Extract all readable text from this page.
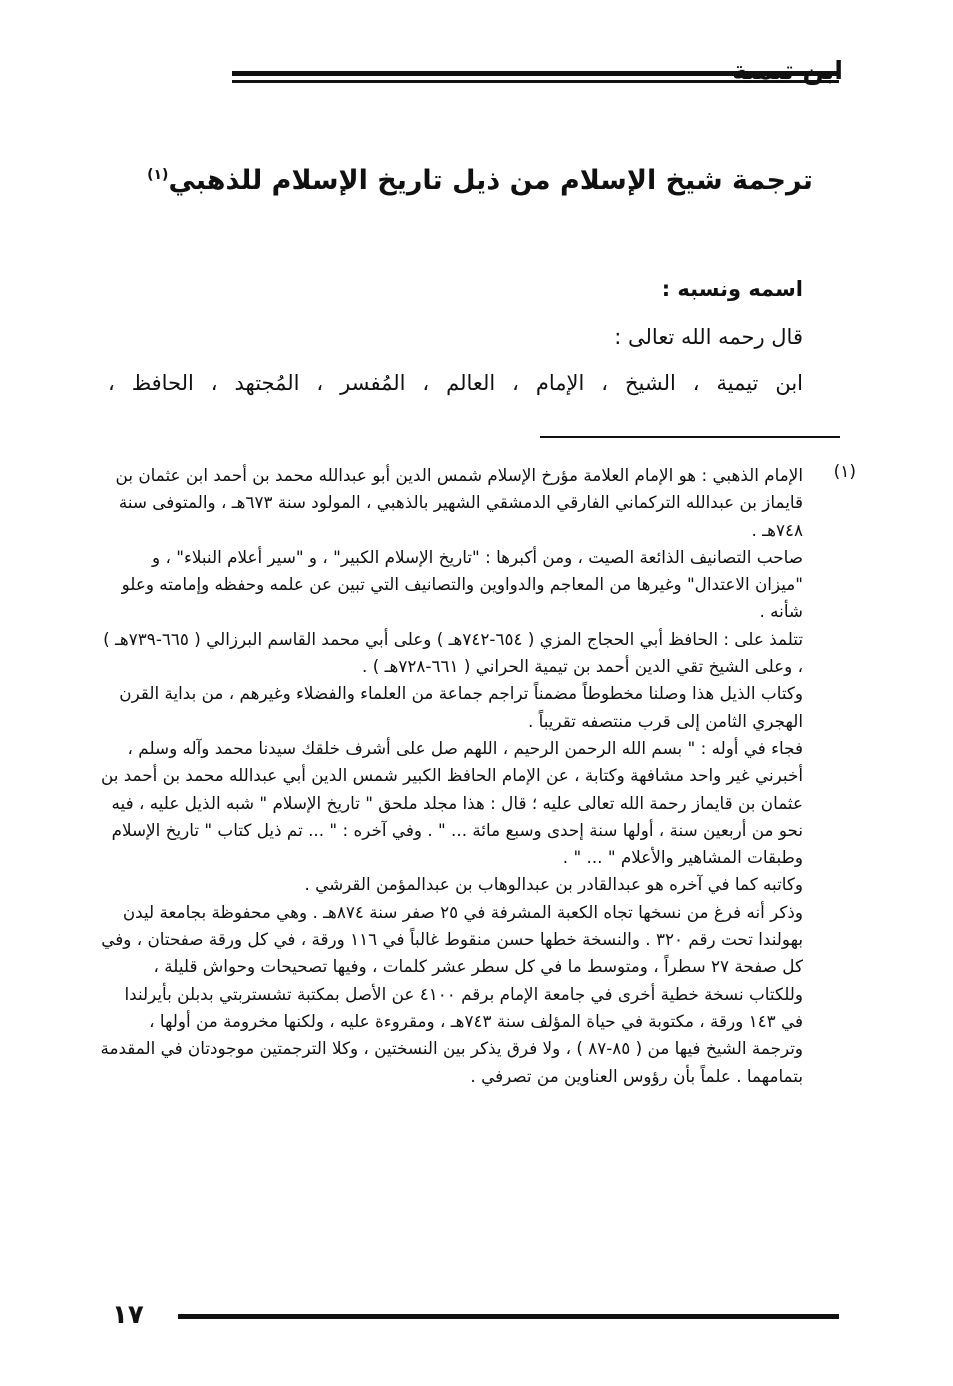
ابن تيمية
ترجمة شيخ الإسلام من ذيل تاريخ الإسلام للذهبي$^{(١)}$
اسمه ونسبه :
قال رحمه الله تعالى :
ابن تيمية ، الشيخ ، الإمام ، العالم ، المُفسر ، المُجتهد ، الحافظ ،
(١)

الإمام الذهبي : هو الإمام العلامة مؤرخ الإسلام شمس الدين أبو عبدالله محمد بن أحمد ابن عثمان بن قايماز بن عبدالله التركماني الفارقي الدمشقي الشهير بالذهبي ، المولود سنة ٦٧٣هـ ، والمتوفى سنة ٧٤٨هـ .

صاحب التصانيف الذائعة الصيت ، ومن أكبرها : "تاريخ الإسلام الكبير" ، و "سير أعلام النبلاء" ، و "ميزان الاعتدال" وغيرها من المعاجم والدواوين والتصانيف التي تبين عن علمه وحفظه وإمامته وعلو شأنه .

تتلمذ على : الحافظ أبي الحجاج المزي ( ٦٥٤-٧٤٢هـ ) وعلى أبي محمد القاسم البرزالي ( ٦٦٥-٧٣٩هـ ) ، وعلى الشيخ تقي الدين أحمد بن تيمية الحراني ( ٦٦١-٧٢٨هـ ) .

وكتاب الذيل هذا وصلنا مخطوطاً مضمناً تراجم جماعة من العلماء والفضلاء وغيرهم ، من بداية القرن الهجري الثامن إلى قرب منتصفه تقريباً .

فجاء في أوله : " بسم الله الرحمن الرحيم ، اللهم صل على أشرف خلقك سيدنا محمد وآله وسلم ، أخبرني غير واحد مشافهة وكتابة ، عن الإمام الحافظ الكبير شمس الدين أبي عبدالله محمد بن أحمد بن عثمان بن قايماز رحمة الله تعالى عليه ؛ قال : هذا مجلد ملحق " تاريخ الإسلام " شبه الذيل عليه ، فيه نحو من أربعين سنة ، أولها سنة إحدى وسبع مائة ... " . وفي آخره : " ... تم ذيل كتاب " تاريخ الإسلام وطبقات المشاهير والأعلام " ... " .

وكاتبه كما في آخره هو عبدالقادر بن عبدالوهاب بن عبدالمؤمن القرشي .

وذكر أنه فرغ من نسخها تجاه الكعبة المشرفة في ٢٥ صفر سنة ٨٧٤هـ . وهي محفوظة بجامعة ليدن بهولندا تحت رقم ٣٢٠ . والنسخة خطها حسن منقوط غالباً في ١١٦ ورقة ، في كل ورقة صفحتان ، وفي كل صفحة ٢٧ سطراً ، ومتوسط ما في كل سطر عشر كلمات ، وفيها تصحيحات وحواش قليلة ، وللكتاب نسخة خطية أخرى في جامعة الإمام برقم ٤١٠٠ عن الأصل بمكتبة تشستربتي بدبلن بأيرلندا في ١٤٣ ورقة ، مكتوبة في حياة المؤلف سنة ٧٤٣هـ ، ومقروءة عليه ، ولكنها مخرومة من أولها ، وترجمة الشيخ فيها من ( ٨٥-٨٧ ) ، ولا فرق يذكر بين النسختين ، وكلا الترجمتين موجودتان في المقدمة بتمامهما . علماً بأن رؤوس العناوين من تصرفي .

١٧
